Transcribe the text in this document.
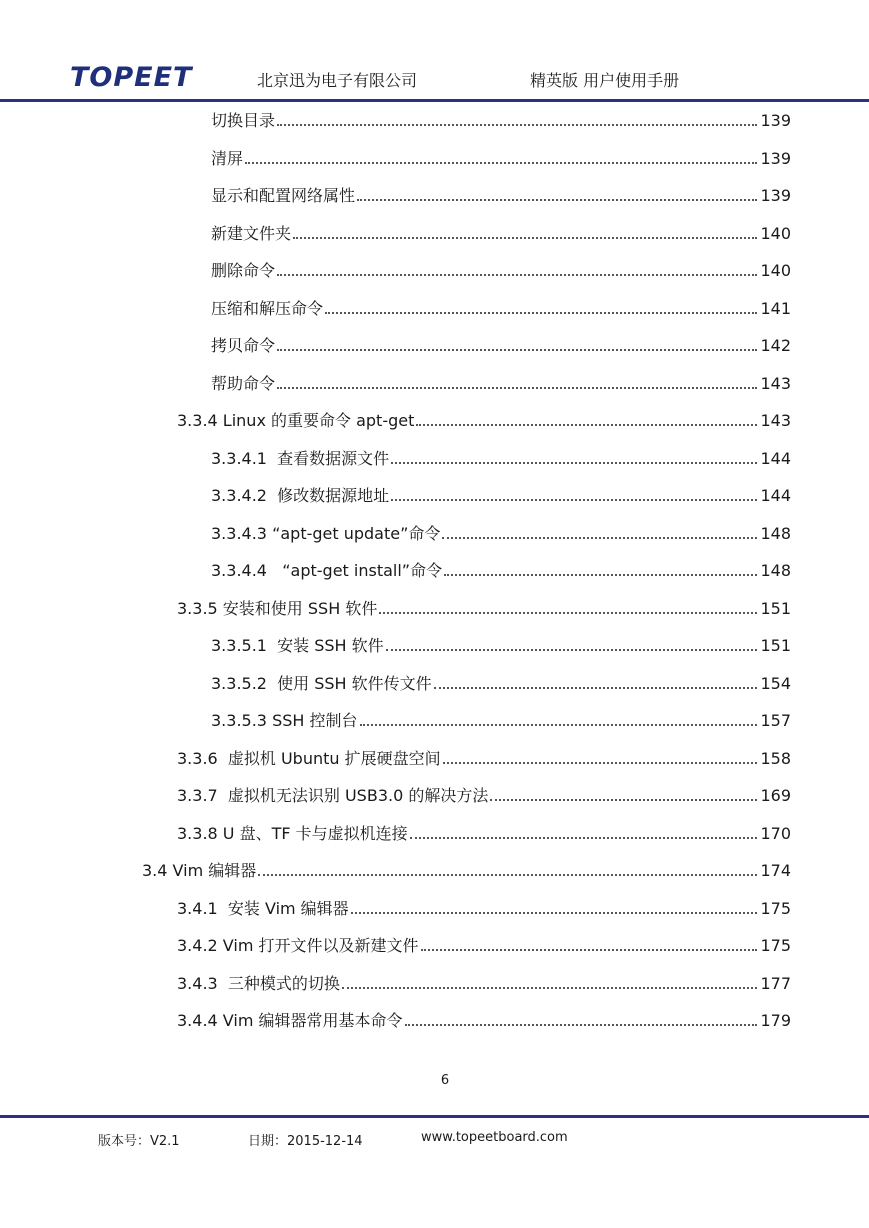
TOPEET	北京迅为电子有限公司	精英版 用户使用手册
切换目录	139
清屏	139
显示和配置网络属性	139
新建文件夹	140
删除命令	140
压缩和解压命令	141
拷贝命令	142
帮助命令	143
3.3.4 Linux 的重要命令 apt-get	143
3.3.4.1  查看数据源文件	144
3.3.4.2  修改数据源地址	144
3.3.4.3 “apt-get update”命令	148
3.3.4.4   “apt-get install”命令	148
3.3.5 安装和使用 SSH 软件	151
3.3.5.1  安装 SSH 软件	151
3.3.5.2  使用 SSH 软件传文件	154
3.3.5.3 SSH 控制台	157
3.3.6  虚拟机 Ubuntu 扩展硬盘空间	158
3.3.7  虚拟机无法识别 USB3.0 的解决方法	169
3.3.8 U 盘、TF 卡与虚拟机连接	170
3.4 Vim 编辑器	174
3.4.1  安装 Vim 编辑器	175
3.4.2 Vim 打开文件以及新建文件	175
3.4.3  三种模式的切换	177
3.4.4 Vim 编辑器常用基本命令	179
6
版本号：V2.1	日期：2015-12-14	www.topeetboard.com
